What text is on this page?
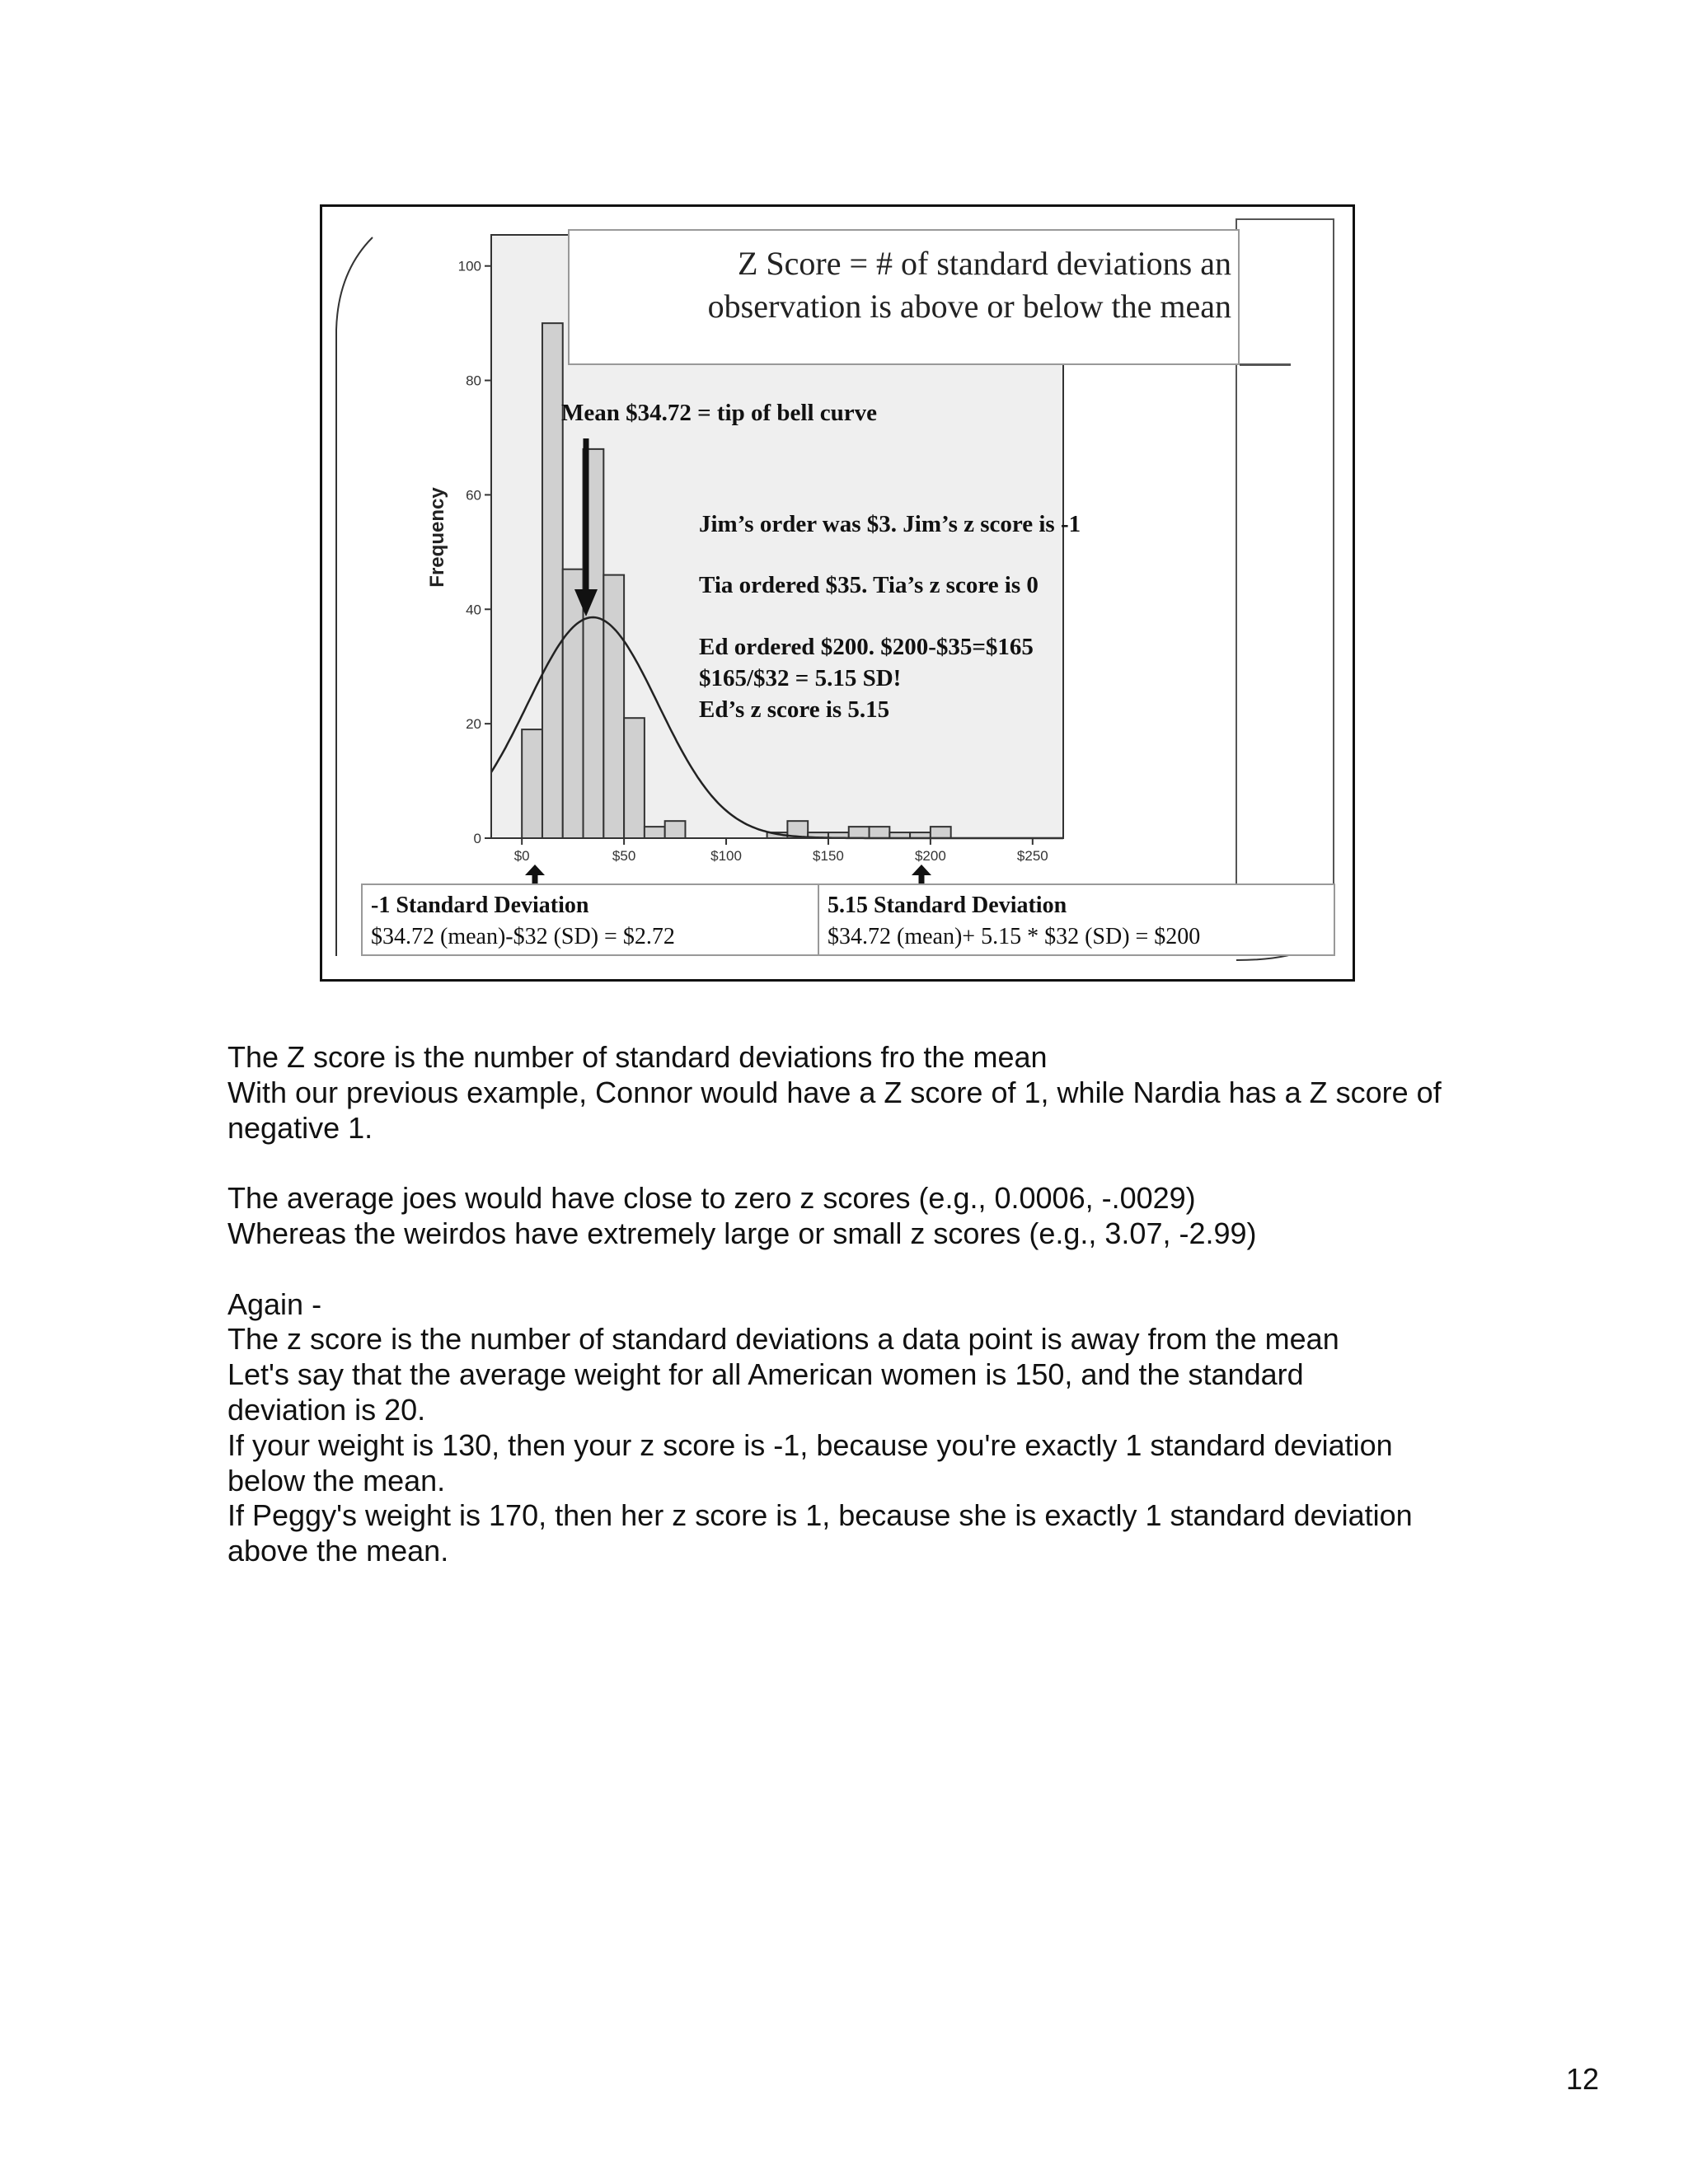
0
20
40
60
80
100
$0	$50	$100	$150	$200	$250
Frequency
Z Score = # of standard deviations an
observation is above or below the mean
Mean $34.72 = tip of bell curve
Jim’s order was $3. Jim’s z score is -1
Tia ordered $35. Tia’s z score is 0
Ed ordered $200. $200-$35=$165
$165/$32 = 5.15 SD!
Ed’s z score is 5.15
-1 Standard Deviation
$34.72 (mean)-$32 (SD) = $2.72
5.15 Standard Deviation
$34.72 (mean)+ 5.15 * $32 (SD) = $200
The Z score is the number of standard deviations fro the mean
With our previous example, Connor would have a Z score of 1, while Nardia has a Z score of
negative 1.
The average joes would have close to zero z scores (e.g., 0.0006, -.0029)
Whereas the weirdos have extremely large or small z scores (e.g., 3.07, -2.99)
Again -
The z score is the number of standard deviations a data point is away from the mean
Let's say that the average weight for all American women is 150, and the standard
deviation is 20.
If your weight is 130, then your z score is -1, because you're exactly 1 standard deviation
below the mean.
If Peggy's weight is 170, then her z score is 1, because she is exactly 1 standard deviation
above the mean.
12
